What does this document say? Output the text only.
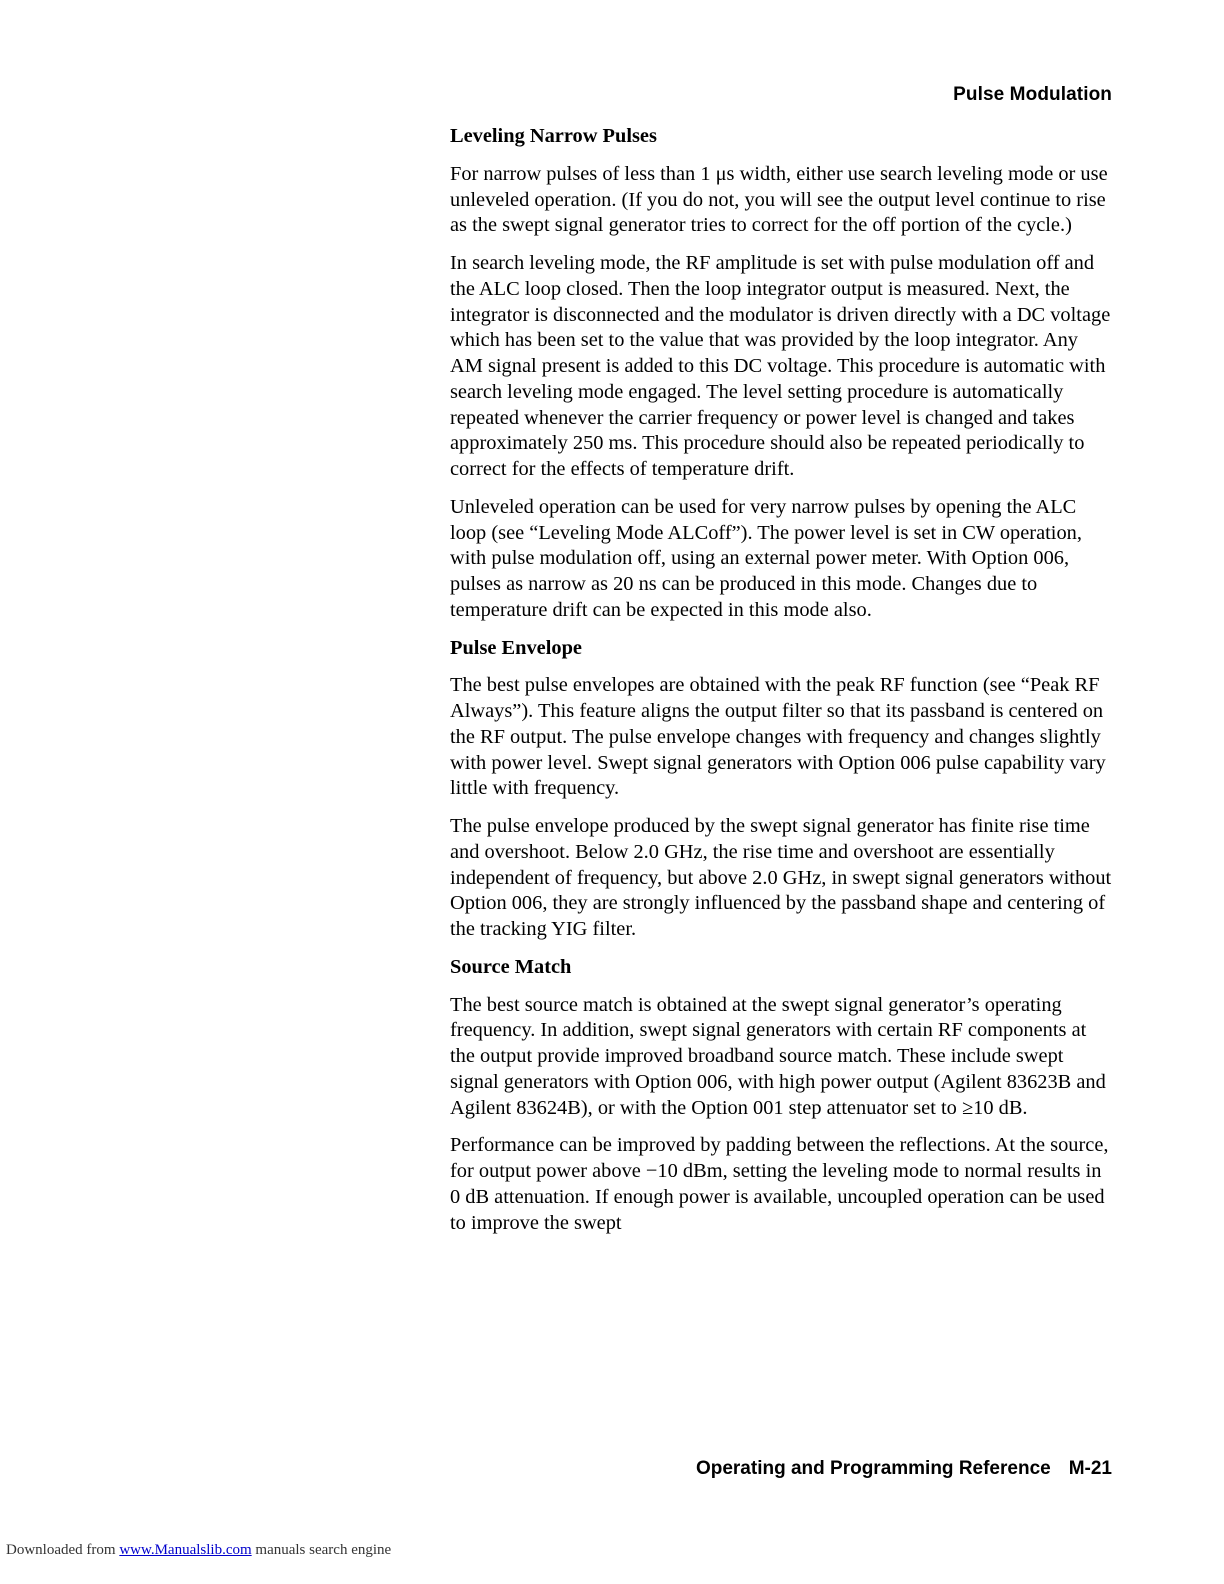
Pulse Modulation
Leveling Narrow Pulses

For narrow pulses of less than 1 μs width, either use search leveling mode or use unleveled operation. (If you do not, you will see the output level continue to rise as the swept signal generator tries to correct for the off portion of the cycle.)

In search leveling mode, the RF amplitude is set with pulse modulation off and the ALC loop closed. Then the loop integrator output is measured. Next, the integrator is disconnected and the modulator is driven directly with a DC voltage which has been set to the value that was provided by the loop integrator. Any AM signal present is added to this DC voltage. This procedure is automatic with search leveling mode engaged. The level setting procedure is automatically repeated whenever the carrier frequency or power level is changed and takes approximately 250 ms. This procedure should also be repeated periodically to correct for the effects of temperature drift.

Unleveled operation can be used for very narrow pulses by opening the ALC loop (see “Leveling Mode ALCoff”). The power level is set in CW operation, with pulse modulation off, using an external power meter. With Option 006, pulses as narrow as 20 ns can be produced in this mode. Changes due to temperature drift can be expected in this mode also.

Pulse Envelope

The best pulse envelopes are obtained with the peak RF function (see “Peak RF Always”). This feature aligns the output filter so that its passband is centered on the RF output. The pulse envelope changes with frequency and changes slightly with power level. Swept signal generators with Option 006 pulse capability vary little with frequency.

The pulse envelope produced by the swept signal generator has finite rise time and overshoot. Below 2.0 GHz, the rise time and overshoot are essentially independent of frequency, but above 2.0 GHz, in swept signal generators without Option 006, they are strongly influenced by the passband shape and centering of the tracking YIG filter.

Source Match

The best source match is obtained at the swept signal generator’s operating frequency. In addition, swept signal generators with certain RF components at the output provide improved broadband source match. These include swept signal generators with Option 006, with high power output (Agilent 83623B and Agilent 83624B), or with the Option 001 step attenuator set to ≥10 dB.

Performance can be improved by padding between the reflections. At the source, for output power above −10 dBm, setting the leveling mode to normal results in 0 dB attenuation. If enough power is available, uncoupled operation can be used to improve the swept

Operating and Programming Reference M-21
Downloaded from www.Manualslib.com manuals search engine
